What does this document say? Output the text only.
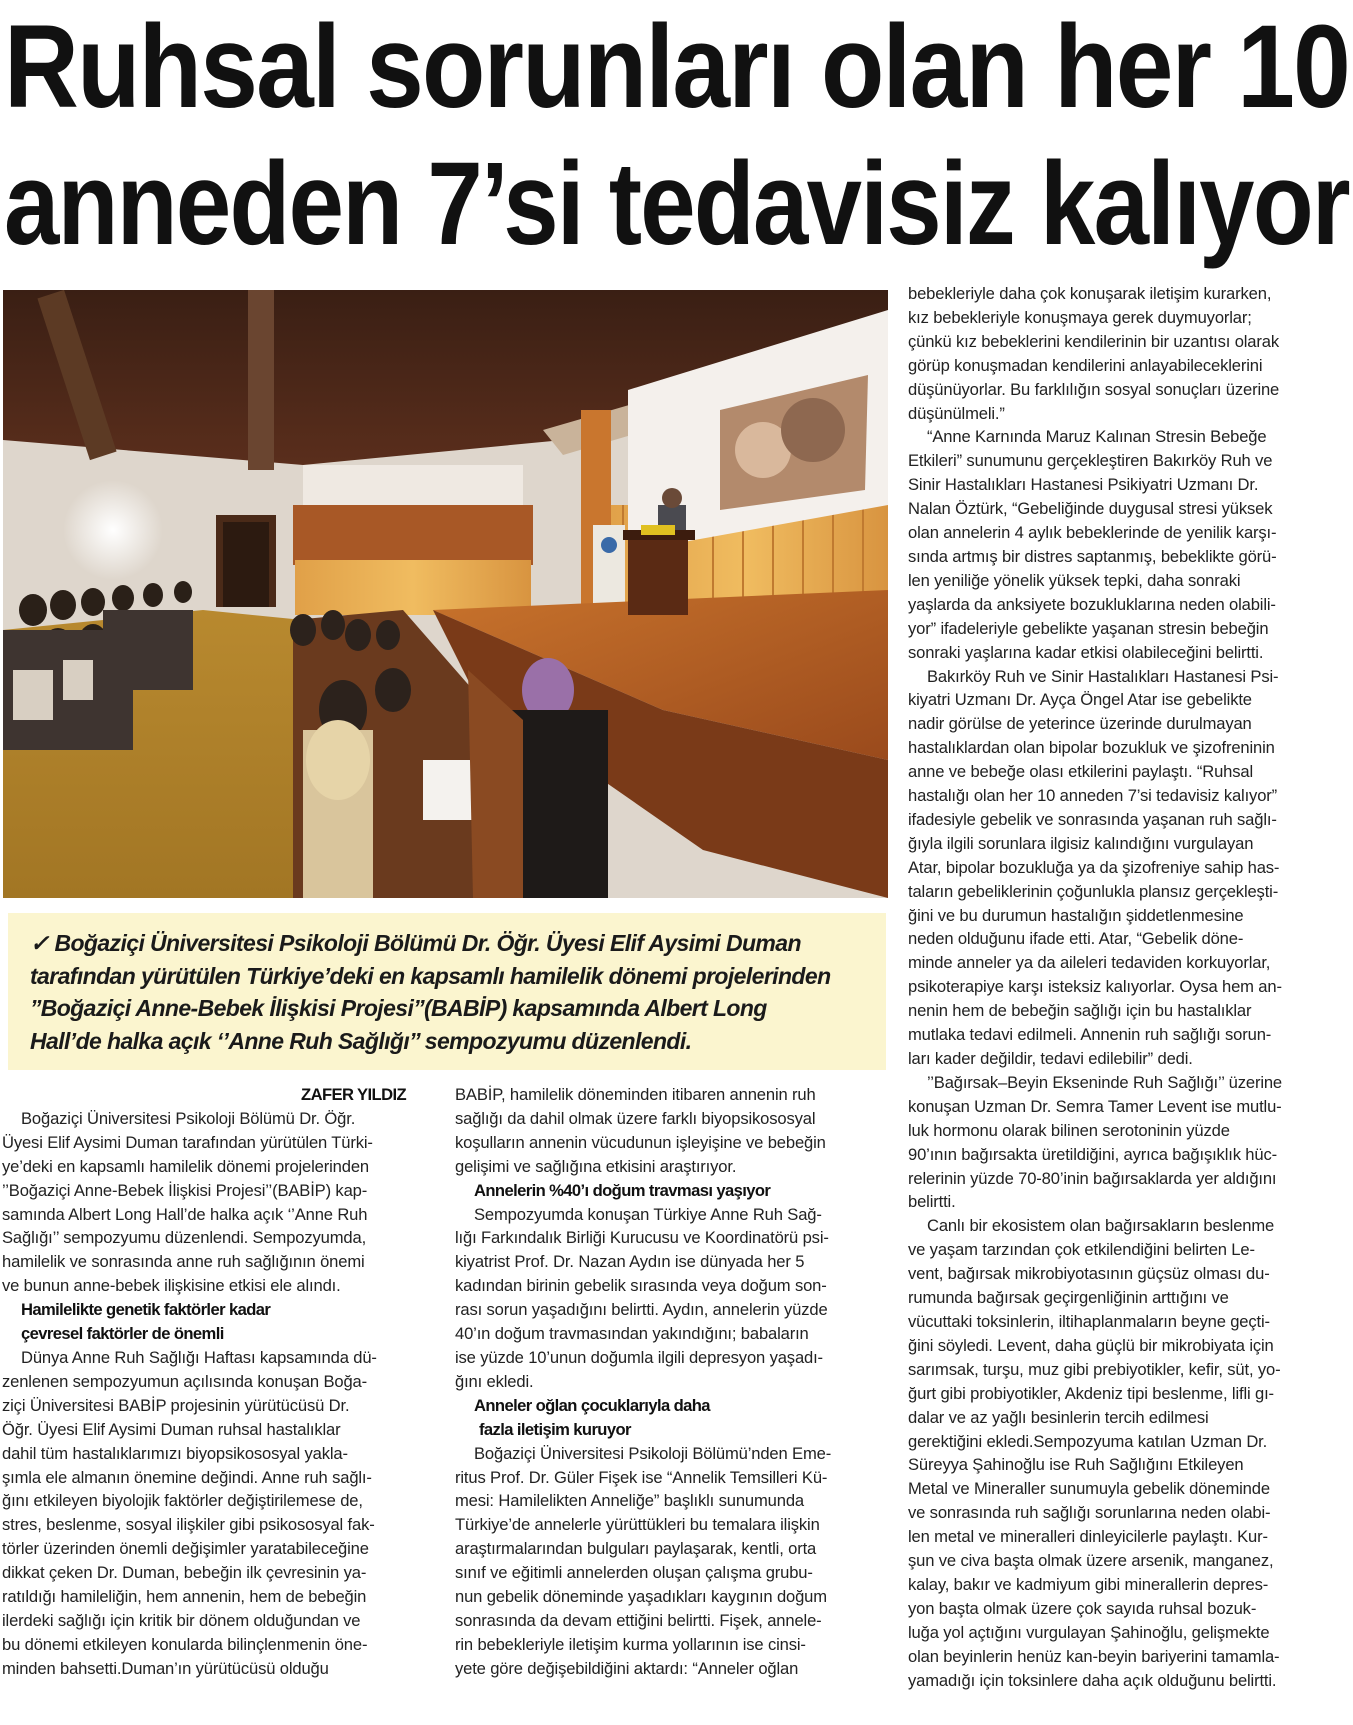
Ruhsal sorunları olan her 10
anneden 7’si tedavisiz kalıyor

✓ Boğaziçi Üniversitesi Psikoloji Bölümü Dr. Öğr. Üyesi Elif Aysimi Duman

tarafından yürütülen Türkiye’deki en kapsamlı hamilelik dönemi projelerinden

’’Boğaziçi Anne-Bebek İlişkisi Projesi’’(BABİP) kapsamında Albert Long

Hall’de halka açık ‘’Anne Ruh Sağlığı’’ sempozyumu düzenlendi.

ZAFER YILDIZ

Boğaziçi Üniversitesi Psikoloji Bölümü Dr. Öğr.

Üyesi Elif Aysimi Duman tarafından yürütülen Türki-

ye’deki en kapsamlı hamilelik dönemi projelerinden

’’Boğaziçi Anne-Bebek İlişkisi Projesi’’(BABİP) kap-

samında Albert Long Hall’de halka açık ‘’Anne Ruh

Sağlığı’’ sempozyumu düzenlendi. Sempozyumda,

hamilelik ve sonrasında anne ruh sağlığının önemi

ve bunun anne-bebek ilişkisine etkisi ele alındı.

Hamilelikte genetik faktörler kadar

çevresel faktörler de önemli

Dünya Anne Ruh Sağlığı Haftası kapsamında dü-

zenlenen sempozyumun açılısında konuşan Boğa-

ziçi Üniversitesi BABİP projesinin yürütücüsü Dr.

Öğr. Üyesi Elif Aysimi Duman ruhsal hastalıklar

dahil tüm hastalıklarımızı biyopsikososyal yakla-

şımla ele almanın önemine değindi. Anne ruh sağlı-

ğını etkileyen biyolojik faktörler değiştirilemese de,

stres, beslenme, sosyal ilişkiler gibi psikososyal fak-

törler üzerinden önemli değişimler yaratabileceğine

dikkat çeken Dr. Duman, bebeğin ilk çevresinin ya-

ratıldığı hamileliğin, hem annenin, hem de bebeğin

ilerdeki sağlığı için kritik bir dönem olduğundan ve

bu dönemi etkileyen konularda bilinçlenmenin öne-

minden bahsetti.Duman’ın yürütücüsü olduğu

BABİP, hamilelik döneminden itibaren annenin ruh

sağlığı da dahil olmak üzere farklı biyopsikososyal

koşulların annenin vücudunun işleyişine ve bebeğin

gelişimi ve sağlığına etkisini araştırıyor.

Annelerin %40’ı doğum travması yaşıyor

Sempozyumda konuşan Türkiye Anne Ruh Sağ-

lığı Farkındalık Birliği Kurucusu ve Koordinatörü psi-

kiyatrist Prof. Dr. Nazan Aydın ise dünyada her 5

kadından birinin gebelik sırasında veya doğum son-

rası sorun yaşadığını belirtti. Aydın, annelerin yüzde

40’ın doğum travmasından yakındığını; babaların

ise yüzde 10’unun doğumla ilgili depresyon yaşadı-

ğını ekledi.

Anneler oğlan çocuklarıyla daha

fazla iletişim kuruyor

Boğaziçi Üniversitesi Psikoloji Bölümü’nden Eme-

ritus Prof. Dr. Güler Fişek ise “Annelik Temsilleri Kü-

mesi: Hamilelikten Anneliğe” başlıklı sunumunda

Türkiye’de annelerle yürüttükleri bu temalara ilişkin

araştırmalarından bulguları paylaşarak, kentli, orta

sınıf ve eğitimli annelerden oluşan çalışma grubu-

nun gebelik döneminde yaşadıkları kaygının doğum

sonrasında da devam ettiğini belirtti. Fişek, annele-

rin bebekleriyle iletişim kurma yollarının ise cinsi-

yete göre değişebildiğini aktardı: “Anneler oğlan

bebekleriyle daha çok konuşarak iletişim kurarken,

kız bebekleriyle konuşmaya gerek duymuyorlar;

çünkü kız bebeklerini kendilerinin bir uzantısı olarak

görüp konuşmadan kendilerini anlayabileceklerini

düşünüyorlar. Bu farklılığın sosyal sonuçları üzerine

düşünülmeli.”

“Anne Karnında Maruz Kalınan Stresin Bebeğe

Etkileri” sunumunu gerçekleştiren Bakırköy Ruh ve

Sinir Hastalıkları Hastanesi Psikiyatri Uzmanı Dr.

Nalan Öztürk, “Gebeliğinde duygusal stresi yüksek

olan annelerin 4 aylık bebeklerinde de yenilik karşı-

sında artmış bir distres saptanmış, bebeklikte görü-

len yeniliğe yönelik yüksek tepki, daha sonraki

yaşlarda da anksiyete bozukluklarına neden olabili-

yor” ifadeleriyle gebelikte yaşanan stresin bebeğin

sonraki yaşlarına kadar etkisi olabileceğini belirtti.

Bakırköy Ruh ve Sinir Hastalıkları Hastanesi Psi-

kiyatri Uzmanı Dr. Ayça Öngel Atar ise gebelikte

nadir görülse de yeterince üzerinde durulmayan

hastalıklardan olan bipolar bozukluk ve şizofreninin

anne ve bebeğe olası etkilerini paylaştı. “Ruhsal

hastalığı olan her 10 anneden 7’si tedavisiz kalıyor”

ifadesiyle gebelik ve sonrasında yaşanan ruh sağlı-

ğıyla ilgili sorunlara ilgisiz kalındığını vurgulayan

Atar, bipolar bozukluğa ya da şizofreniye sahip has-

taların gebeliklerinin çoğunlukla plansız gerçekleşti-

ğini ve bu durumun hastalığın şiddetlenmesine

neden olduğunu ifade etti. Atar, “Gebelik döne-

minde anneler ya da aileleri tedaviden korkuyorlar,

psikoterapiye karşı isteksiz kalıyorlar. Oysa hem an-

nenin hem de bebeğin sağlığı için bu hastalıklar

mutlaka tedavi edilmeli. Annenin ruh sağlığı sorun-

ları kader değildir, tedavi edilebilir” dedi.

’’Bağırsak–Beyin Ekseninde Ruh Sağlığı’’ üzerine

konuşan Uzman Dr. Semra Tamer Levent ise mutlu-

luk hormonu olarak bilinen serotoninin yüzde

90’ının bağırsakta üretildiğini, ayrıca bağışıklık hüc-

relerinin yüzde 70-80’inin bağırsaklarda yer aldığını

belirtti.

Canlı bir ekosistem olan bağırsakların beslenme

ve yaşam tarzından çok etkilendiğini belirten Le-

vent, bağırsak mikrobiyotasının güçsüz olması du-

rumunda bağırsak geçirgenliğinin arttığını ve

vücuttaki toksinlerin, iltihaplanmaların beyne geçti-

ğini söyledi. Levent, daha güçlü bir mikrobiyata için

sarımsak, turşu, muz gibi prebiyotikler, kefir, süt, yo-

ğurt gibi probiyotikler, Akdeniz tipi beslenme, lifli gı-

dalar ve az yağlı besinlerin tercih edilmesi

gerektiğini ekledi.Sempozyuma katılan Uzman Dr.

Süreyya Şahinoğlu ise Ruh Sağlığını Etkileyen

Metal ve Mineraller sunumuyla gebelik döneminde

ve sonrasında ruh sağlığı sorunlarına neden olabi-

len metal ve mineralleri dinleyicilerle paylaştı. Kur-

şun ve civa başta olmak üzere arsenik, manganez,

kalay, bakır ve kadmiyum gibi minerallerin depres-

yon başta olmak üzere çok sayıda ruhsal bozuk-

luğa yol açtığını vurgulayan Şahinoğlu, gelişmekte

olan beyinlerin henüz kan-beyin bariyerini tamamla-

yamadığı için toksinlere daha açık olduğunu belirtti.
